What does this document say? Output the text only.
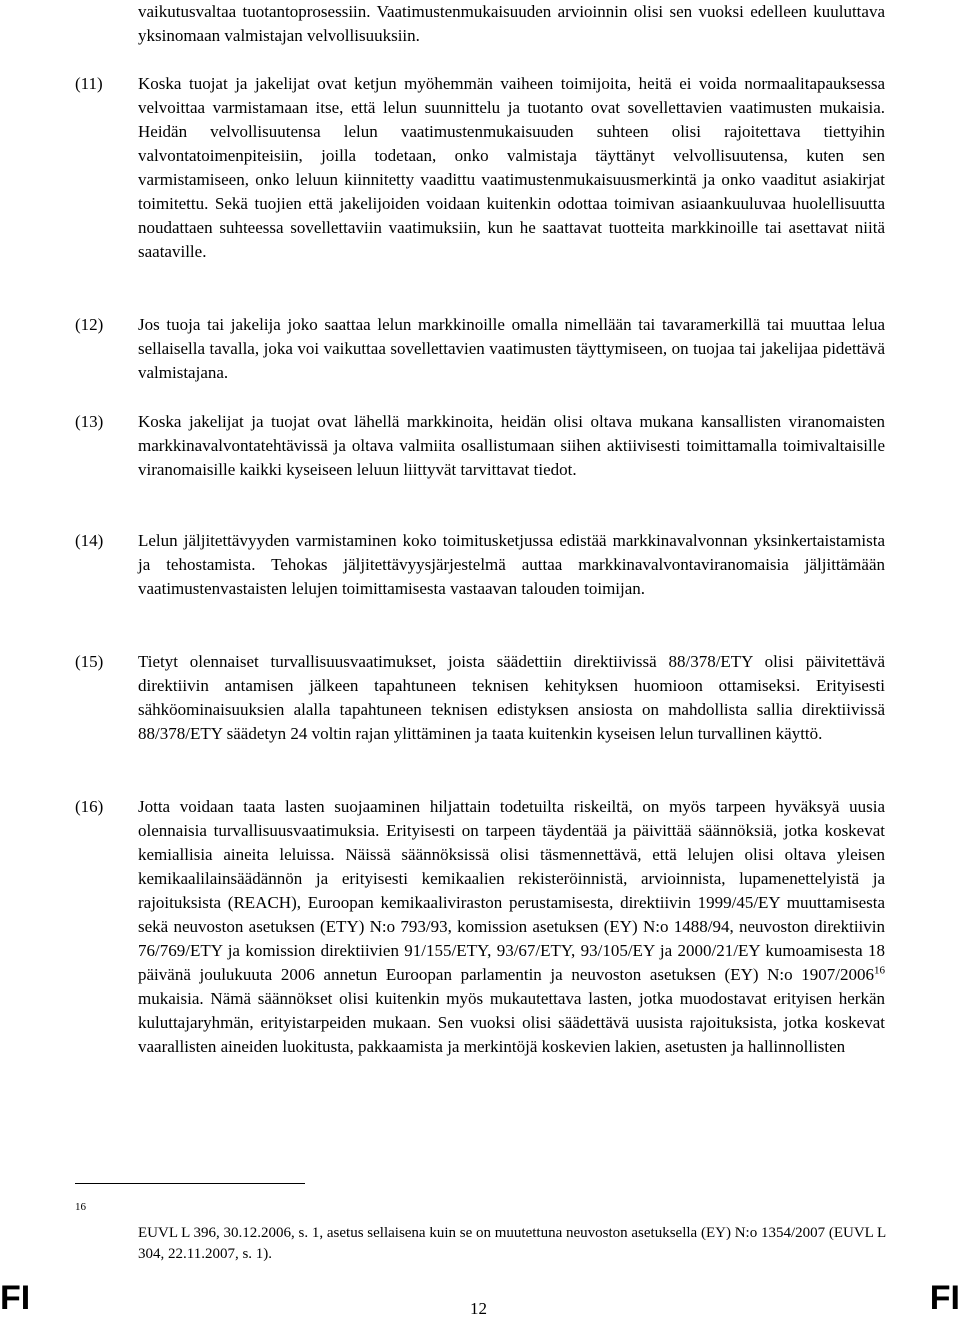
vaikutusvaltaa tuotantoprosessiin. Vaatimustenmukaisuuden arvioinnin olisi sen vuoksi edelleen kuuluttava yksinomaan valmistajan velvollisuuksiin.

(11) Koska tuojat ja jakelijat ovat ketjun myöhemmän vaiheen toimijoita, heitä ei voida normaalitapauksessa velvoittaa varmistamaan itse, että lelun suunnittelu ja tuotanto ovat sovellettavien vaatimusten mukaisia. Heidän velvollisuutensa lelun vaatimustenmukaisuuden suhteen olisi rajoitettava tiettyihin valvontatoimenpiteisiin, joilla todetaan, onko valmistaja täyttänyt velvollisuutensa, kuten sen varmistamiseen, onko leluun kiinnitetty vaadittu vaatimustenmukaisuusmerkintä ja onko vaaditut asiakirjat toimitettu. Sekä tuojien että jakelijoiden voidaan kuitenkin odottaa toimivan asiaankuuluvaa huolellisuutta noudattaen suhteessa sovellettaviin vaatimuksiin, kun he saattavat tuotteita markkinoille tai asettavat niitä saataville.

(12) Jos tuoja tai jakelija joko saattaa lelun markkinoille omalla nimellään tai tavaramerkillä tai muuttaa lelua sellaisella tavalla, joka voi vaikuttaa sovellettavien vaatimusten täyttymiseen, on tuojaa tai jakelijaa pidettävä valmistajana.

(13) Koska jakelijat ja tuojat ovat lähellä markkinoita, heidän olisi oltava mukana kansallisten viranomaisten markkinavalvontatehtävissä ja oltava valmiita osallistumaan siihen aktiivisesti toimittamalla toimivaltaisille viranomaisille kaikki kyseiseen leluun liittyvät tarvittavat tiedot.

(14) Lelun jäljitettävyyden varmistaminen koko toimitusketjussa edistää markkinavalvonnan yksinkertaistamista ja tehostamista. Tehokas jäljitettävyysjärjestelmä auttaa markkinavalvontaviranomaisia jäljittämään vaatimustenvastaisten lelujen toimittamisesta vastaavan talouden toimijan.

(15) Tietyt olennaiset turvallisuusvaatimukset, joista säädettiin direktiivissä 88/378/ETY olisi päivitettävä direktiivin antamisen jälkeen tapahtuneen teknisen kehityksen huomioon ottamiseksi. Erityisesti sähköominaisuuksien alalla tapahtuneen teknisen edistyksen ansiosta on mahdollista sallia direktiivissä 88/378/ETY säädetyn 24 voltin rajan ylittäminen ja taata kuitenkin kyseisen lelun turvallinen käyttö.

(16) Jotta voidaan taata lasten suojaaminen hiljattain todetuilta riskeiltä, on myös tarpeen hyväksyä uusia olennaisia turvallisuusvaatimuksia. Erityisesti on tarpeen täydentää ja päivittää säännöksiä, jotka koskevat kemiallisia aineita leluissa. Näissä säännöksissä olisi täsmennettävä, että lelujen olisi oltava yleisen kemikaalilainsäädännön ja erityisesti kemikaalien rekisteröinnistä, arvioinnista, lupamenettelyistä ja rajoituksista (REACH), Euroopan kemikaaliviraston perustamisesta, direktiivin 1999/45/EY muuttamisesta sekä neuvoston asetuksen (ETY) N:o 793/93, komission asetuksen (EY) N:o 1488/94, neuvoston direktiivin 76/769/ETY ja komission direktiivien 91/155/ETY, 93/67/ETY, 93/105/EY ja 2000/21/EY kumoamisesta 18 päivänä joulukuuta 2006 annetun Euroopan parlamentin ja neuvoston asetuksen (EY) N:o 1907/2006$^{16}$ mukaisia. Nämä säännökset olisi kuitenkin myös mukautettava lasten, jotka muodostavat erityisen herkän kuluttajaryhmän, erityistarpeiden mukaan. Sen vuoksi olisi säädettävä uusista rajoituksista, jotka koskevat vaarallisten aineiden luokitusta, pakkaamista ja merkintöjä koskevien lakien, asetusten ja hallinnollisten

16

EUVL L 396, 30.12.2006, s. 1, asetus sellaisena kuin se on muutettuna neuvoston asetuksella (EY) N:o 1354/2007 (EUVL L 304, 22.11.2007, s. 1).

FI	12	FI
